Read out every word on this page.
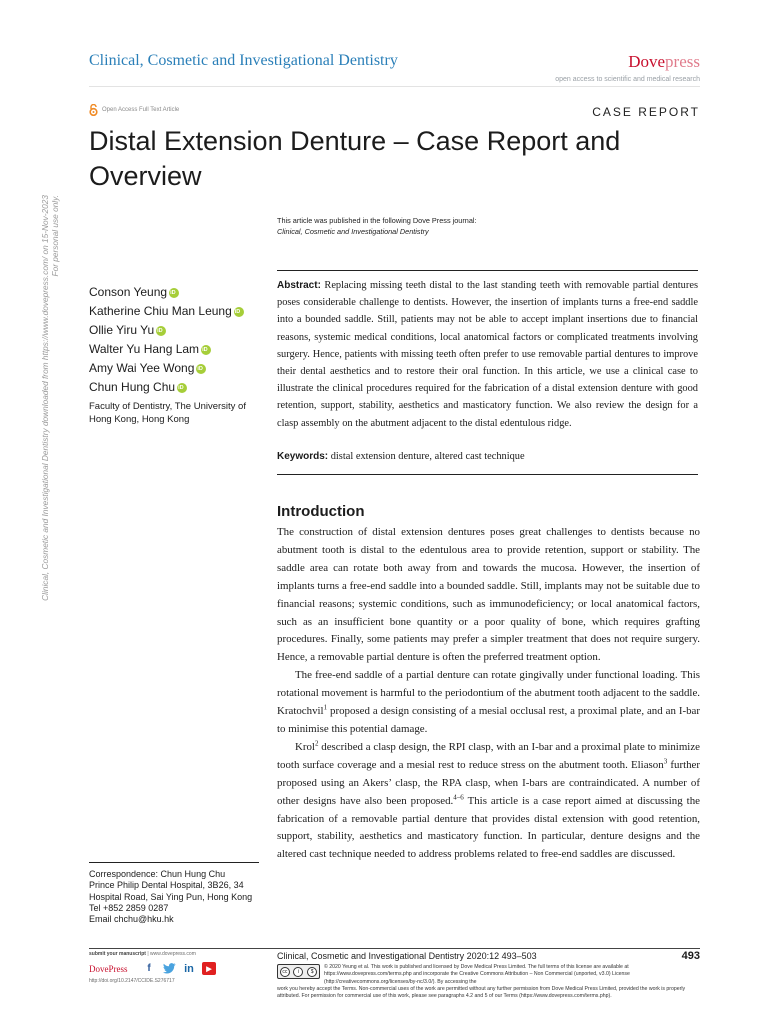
Clinical, Cosmetic and Investigational Dentistry	Dovepress
open access to scientific and medical research
Open Access Full Text Article	CASE REPORT
Distal Extension Denture – Case Report and Overview
This article was published in the following Dove Press journal:
Clinical, Cosmetic and Investigational Dentistry
Conson Yeung
iD
Katherine Chiu Man Leung
iD
Ollie Yiru Yu
iD
Walter Yu Hang Lam
iD
Amy Wai Yee Wong
iD
Chun Hung Chu
iD
Faculty of Dentistry, The University of Hong Kong, Hong Kong
Abstract: Replacing missing teeth distal to the last standing teeth with removable partial dentures poses considerable challenge to dentists. However, the insertion of implants turns a free-end saddle into a bounded saddle. Still, patients may not be able to accept implant insertions due to financial reasons, systemic medical conditions, local anatomical factors or complicated treatments involving surgery. Hence, patients with missing teeth often prefer to use removable partial dentures to improve their dental aesthetics and to restore their oral function. In this article, we use a clinical case to illustrate the clinical procedures required for the fabrication of a distal extension denture with good retention, support, stability, aesthetics and masticatory function. We also review the design for a clasp assembly on the abutment adjacent to the distal edentulous ridge.
Keywords: distal extension denture, altered cast technique
Introduction

The construction of distal extension dentures poses great challenges to dentists because no abutment tooth is distal to the edentulous area to provide retention, support or stability. The saddle area can rotate both away from and towards the mucosa. However, the insertion of implants turns a free-end saddle into a bounded saddle. Still, implants may not be suitable due to financial reasons; systemic conditions, such as immunodeficiency; or local anatomical factors, such as an insufficient bone quantity or a poor quality of bone, which requires grafting procedures. Finally, some patients may prefer a simpler treatment that does not require surgery. Hence, a removable partial denture is often the preferred treatment option.

The free-end saddle of a partial denture can rotate gingivally under functional loading. This rotational movement is harmful to the periodontium of the abutment tooth adjacent to the saddle. Kratochvil$^1$ proposed a design consisting of a mesial occlusal rest, a proximal plate, and an I-bar to minimise this potential damage.

Krol$^2$ described a clasp design, the RPI clasp, with an I-bar and a proximal plate to minimize tooth surface coverage and a mesial rest to reduce stress on the abutment tooth. Eliason$^3$ further proposed using an Akers’ clasp, the RPA clasp, when I-bars are contraindicated. A number of other designs have also been proposed.$^{4-6}$ This article is a case report aimed at discussing the fabrication of a removable partial denture that provides distal extension with good retention, support, stability, aesthetics and masticatory function. In particular, denture designs and the altered cast technique needed to address problems related to free-end saddles are discussed.

Correspondence: Chun Hung Chu
Prince Philip Dental Hospital, 3B26, 34
Hospital Road, Sai Ying Pun, Hong Kong
Tel +852 2859 0287
Email chchu@hku.hk
Clinical, Cosmetic and Investigational Dentistry downloaded from https://www.dovepress.com/ on 15-Nov-2023 For personal use only.
submit your manuscript | www.dovepress.com	Clinical, Cosmetic and Investigational Dentistry 2020:12 493–503	493
DovePress	f	in	▶
http://doi.org/10.2147/CCIDE.S276717
cc	i	$
© 2020 Yeung et al. This work is published and licensed by Dove Medical Press Limited. The full terms of this license are available at https://www.dovepress.com/terms.php and incorporate the Creative Commons Attribution – Non Commercial (unported, v3.0) License (http://creativecommons.org/licenses/by-nc/3.0/). By accessing the
work you hereby accept the Terms. Non-commercial uses of the work are permitted without any further permission from Dove Medical Press Limited, provided the work is properly attributed. For permission for commercial use of this work, please see paragraphs 4.2 and 5 of our Terms (https://www.dovepress.com/terms.php).
